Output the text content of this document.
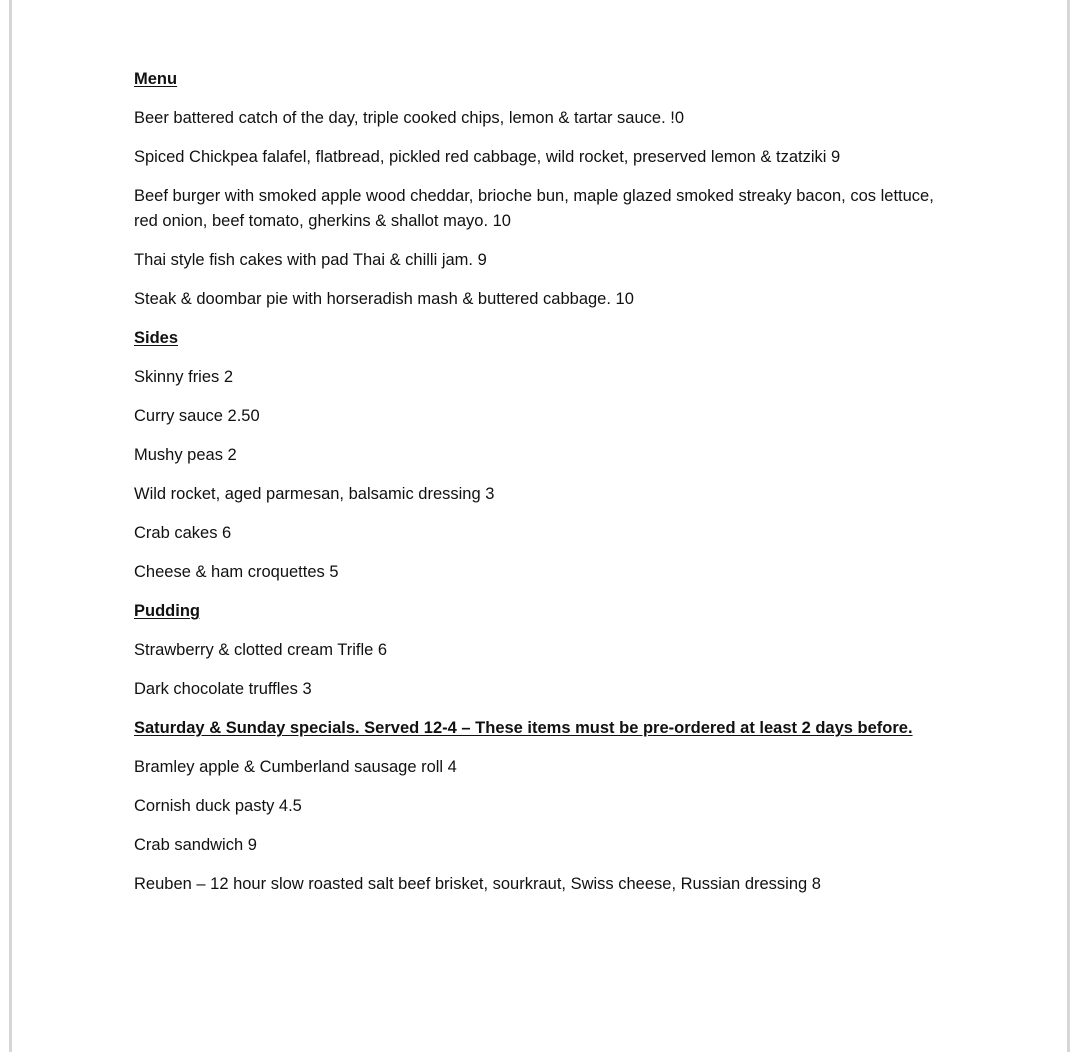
Menu

Beer battered catch of the day, triple cooked chips, lemon & tartar sauce. !0

Spiced Chickpea falafel, flatbread, pickled red cabbage, wild rocket, preserved lemon & tzatziki 9

Beef burger with smoked apple wood cheddar, brioche bun, maple glazed smoked streaky bacon, cos lettuce, red onion, beef tomato, gherkins & shallot mayo. 10

Thai style fish cakes with pad Thai & chilli jam. 9

Steak & doombar pie with horseradish mash & buttered cabbage. 10

Sides

Skinny fries 2

Curry sauce 2.50

Mushy peas 2

Wild rocket, aged parmesan, balsamic dressing 3

Crab cakes 6

Cheese & ham croquettes 5

Pudding

Strawberry & clotted cream Trifle 6

Dark chocolate truffles 3

Saturday & Sunday specials. Served 12-4 – These items must be pre-ordered at least 2 days before.

Bramley apple & Cumberland sausage roll 4

Cornish duck pasty 4.5

Crab sandwich 9

Reuben – 12 hour slow roasted salt beef brisket, sourkraut, Swiss cheese, Russian dressing 8
